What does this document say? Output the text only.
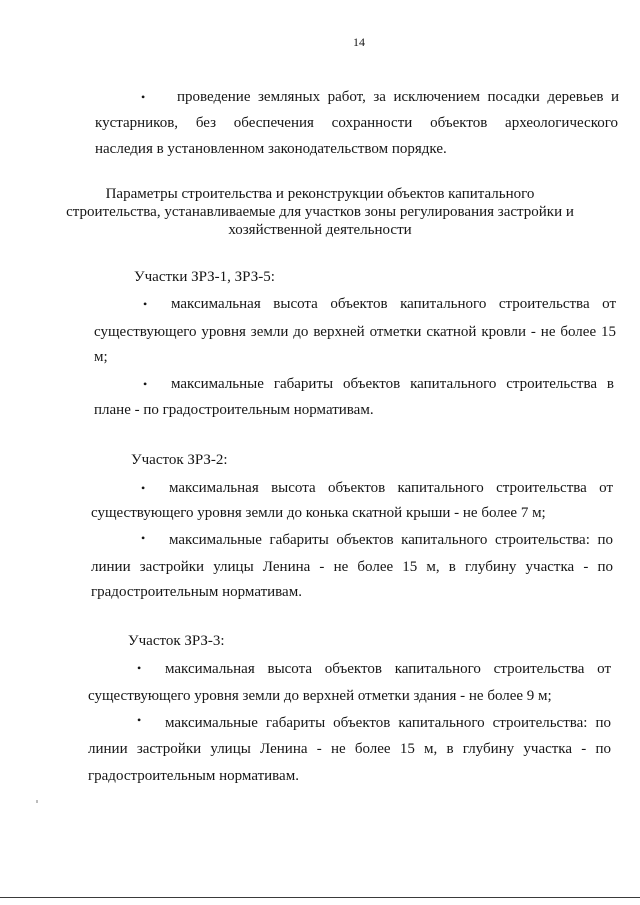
14
• проведение земляных работ, за исключением посадки деревьев и
кустарников, без обеспечения сохранности объектов археологического
наследия в установленном законодательством порядке.
Параметры строительства и реконструкции объектов капитального
строительства, устанавливаемые для участков зоны регулирования застройки и
хозяйственной деятельности
Участки ЗРЗ-1, ЗРЗ-5:
• максимальная высота объектов капитального строительства от
существующего уровня земли до верхней отметки скатной кровли - не более 15
м;
• максимальные габариты объектов капитального строительства в
плане - по градостроительным нормативам.
Участок ЗРЗ-2:
• максимальная высота объектов капитального строительства от
существующего уровня земли до конька скатной крыши - не более 7 м;
• максимальные габариты объектов капитального строительства: по
линии застройки улицы Ленина - не более 15 м, в глубину участка - по
градостроительным нормативам.
Участок ЗРЗ-3:
• максимальная высота объектов капитального строительства от
существующего уровня земли до верхней отметки здания - не более 9 м;
• максимальные габариты объектов капитального строительства: по
линии застройки улицы Ленина - не более 15 м, в глубину участка - по
градостроительным нормативам.
